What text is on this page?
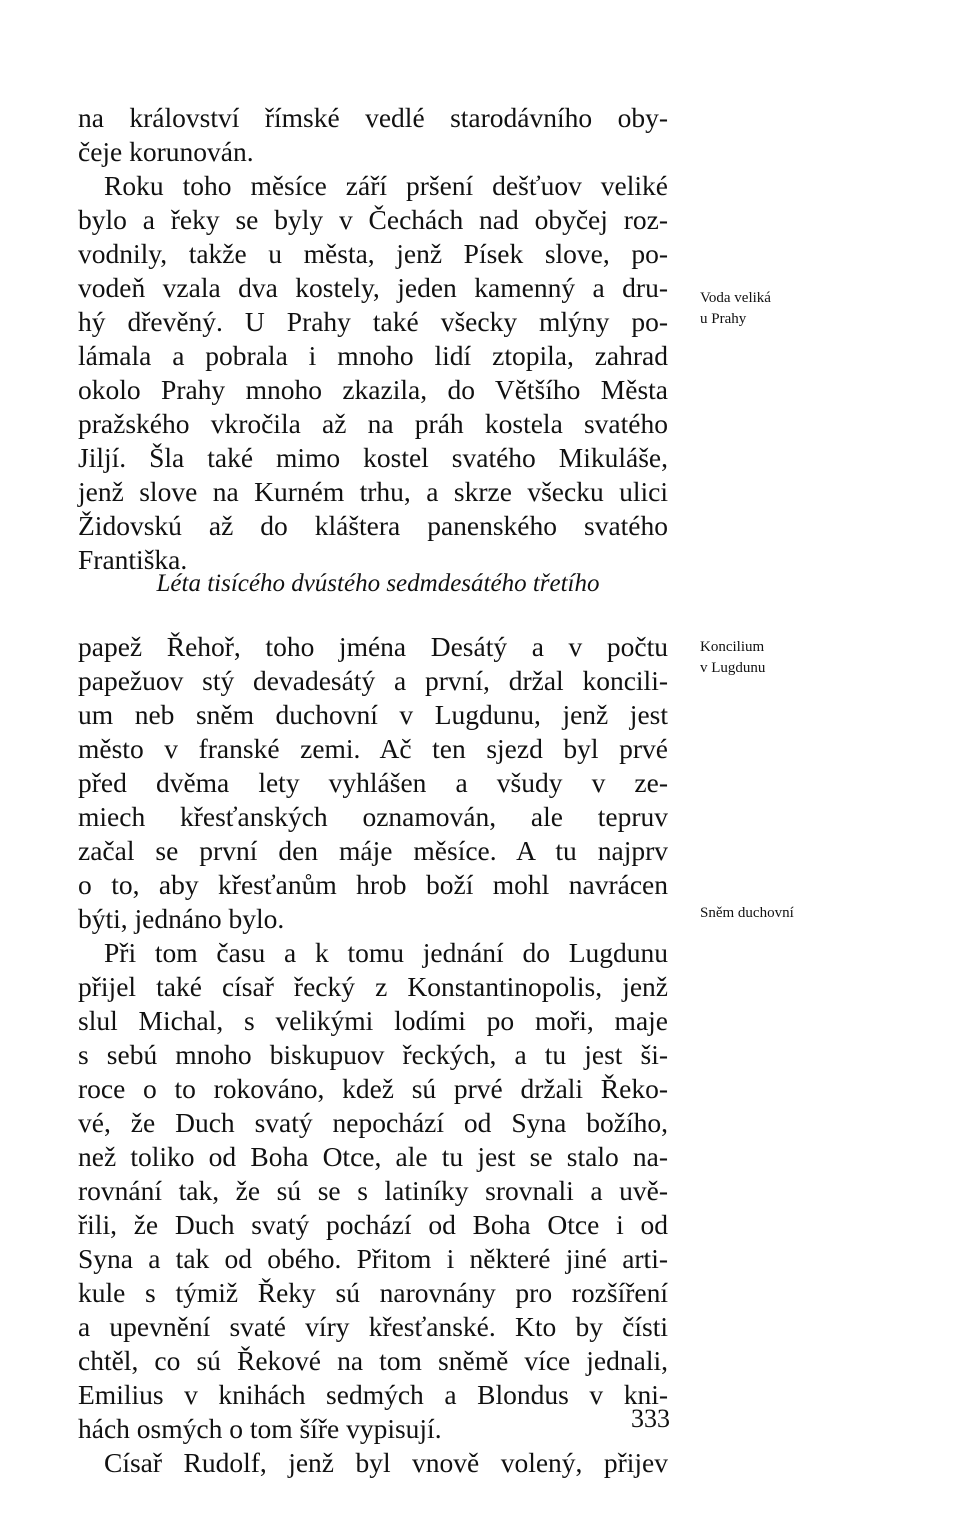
na království římské vedlé starodávního oby-
čeje korunován.
Roku toho měsíce září pršení dešťuov veliké
bylo a řeky se byly v Čechách nad obyčej roz-
vodnily, takže u města, jenž Písek slove, po-
vodeň vzala dva kostely, jeden kamenný a dru-
hý dřevěný. U Prahy také všecky mlýny po-
lámala a pobrala i mnoho lidí ztopila, zahrad
okolo Prahy mnoho zkazila, do Většího Města
pražského vkročila až na práh kostela svatého
Jiljí. Šla také mimo kostel svatého Mikuláše,
jenž slove na Kurném trhu, a skrze všecku ulici
Židovskú až do kláštera panenského svatého
Františka.
Voda veliká
u Prahy
Léta tisícého dvústého sedmdesátého třetího
papež Řehoř, toho jména Desátý a v počtu
papežuov stý devadesátý a první, držal koncili-
um neb sněm duchovní v Lugdunu, jenž jest
město v franské zemi. Ač ten sjezd byl prvé
před dvěma lety vyhlášen a všudy v ze-
miech křesťanských oznamován, ale tepruv
začal se první den máje měsíce. A tu najprv
o to, aby křesťanům hrob boží mohl navrácen
býti, jednáno bylo.
Při tom času a k tomu jednání do Lugdunu
přijel také císař řecký z Konstantinopolis, jenž
slul Michal, s velikými lodími po moři, maje
s sebú mnoho biskupuov řeckých, a tu jest ši-
roce o to rokováno, kdež sú prvé držali Řeko-
vé, že Duch svatý nepochází od Syna božího,
než toliko od Boha Otce, ale tu jest se stalo na-
rovnání tak, že sú se s latiníky srovnali a uvě-
řili, že Duch svatý pochází od Boha Otce i od
Syna a tak od obého. Přitom i některé jiné arti-
kule s týmiž Řeky sú narovnány pro rozšíření
a upevnění svaté víry křesťanské. Kto by čísti
chtěl, co sú Řekové na tom sněmě více jednali,
Emilius v knihách sedmých a Blondus v kni-
hách osmých o tom šíře vypisují.
Císař Rudolf, jenž byl vnově volený, přijev
Koncilium
v Lugdunu
Sněm duchovní
333
